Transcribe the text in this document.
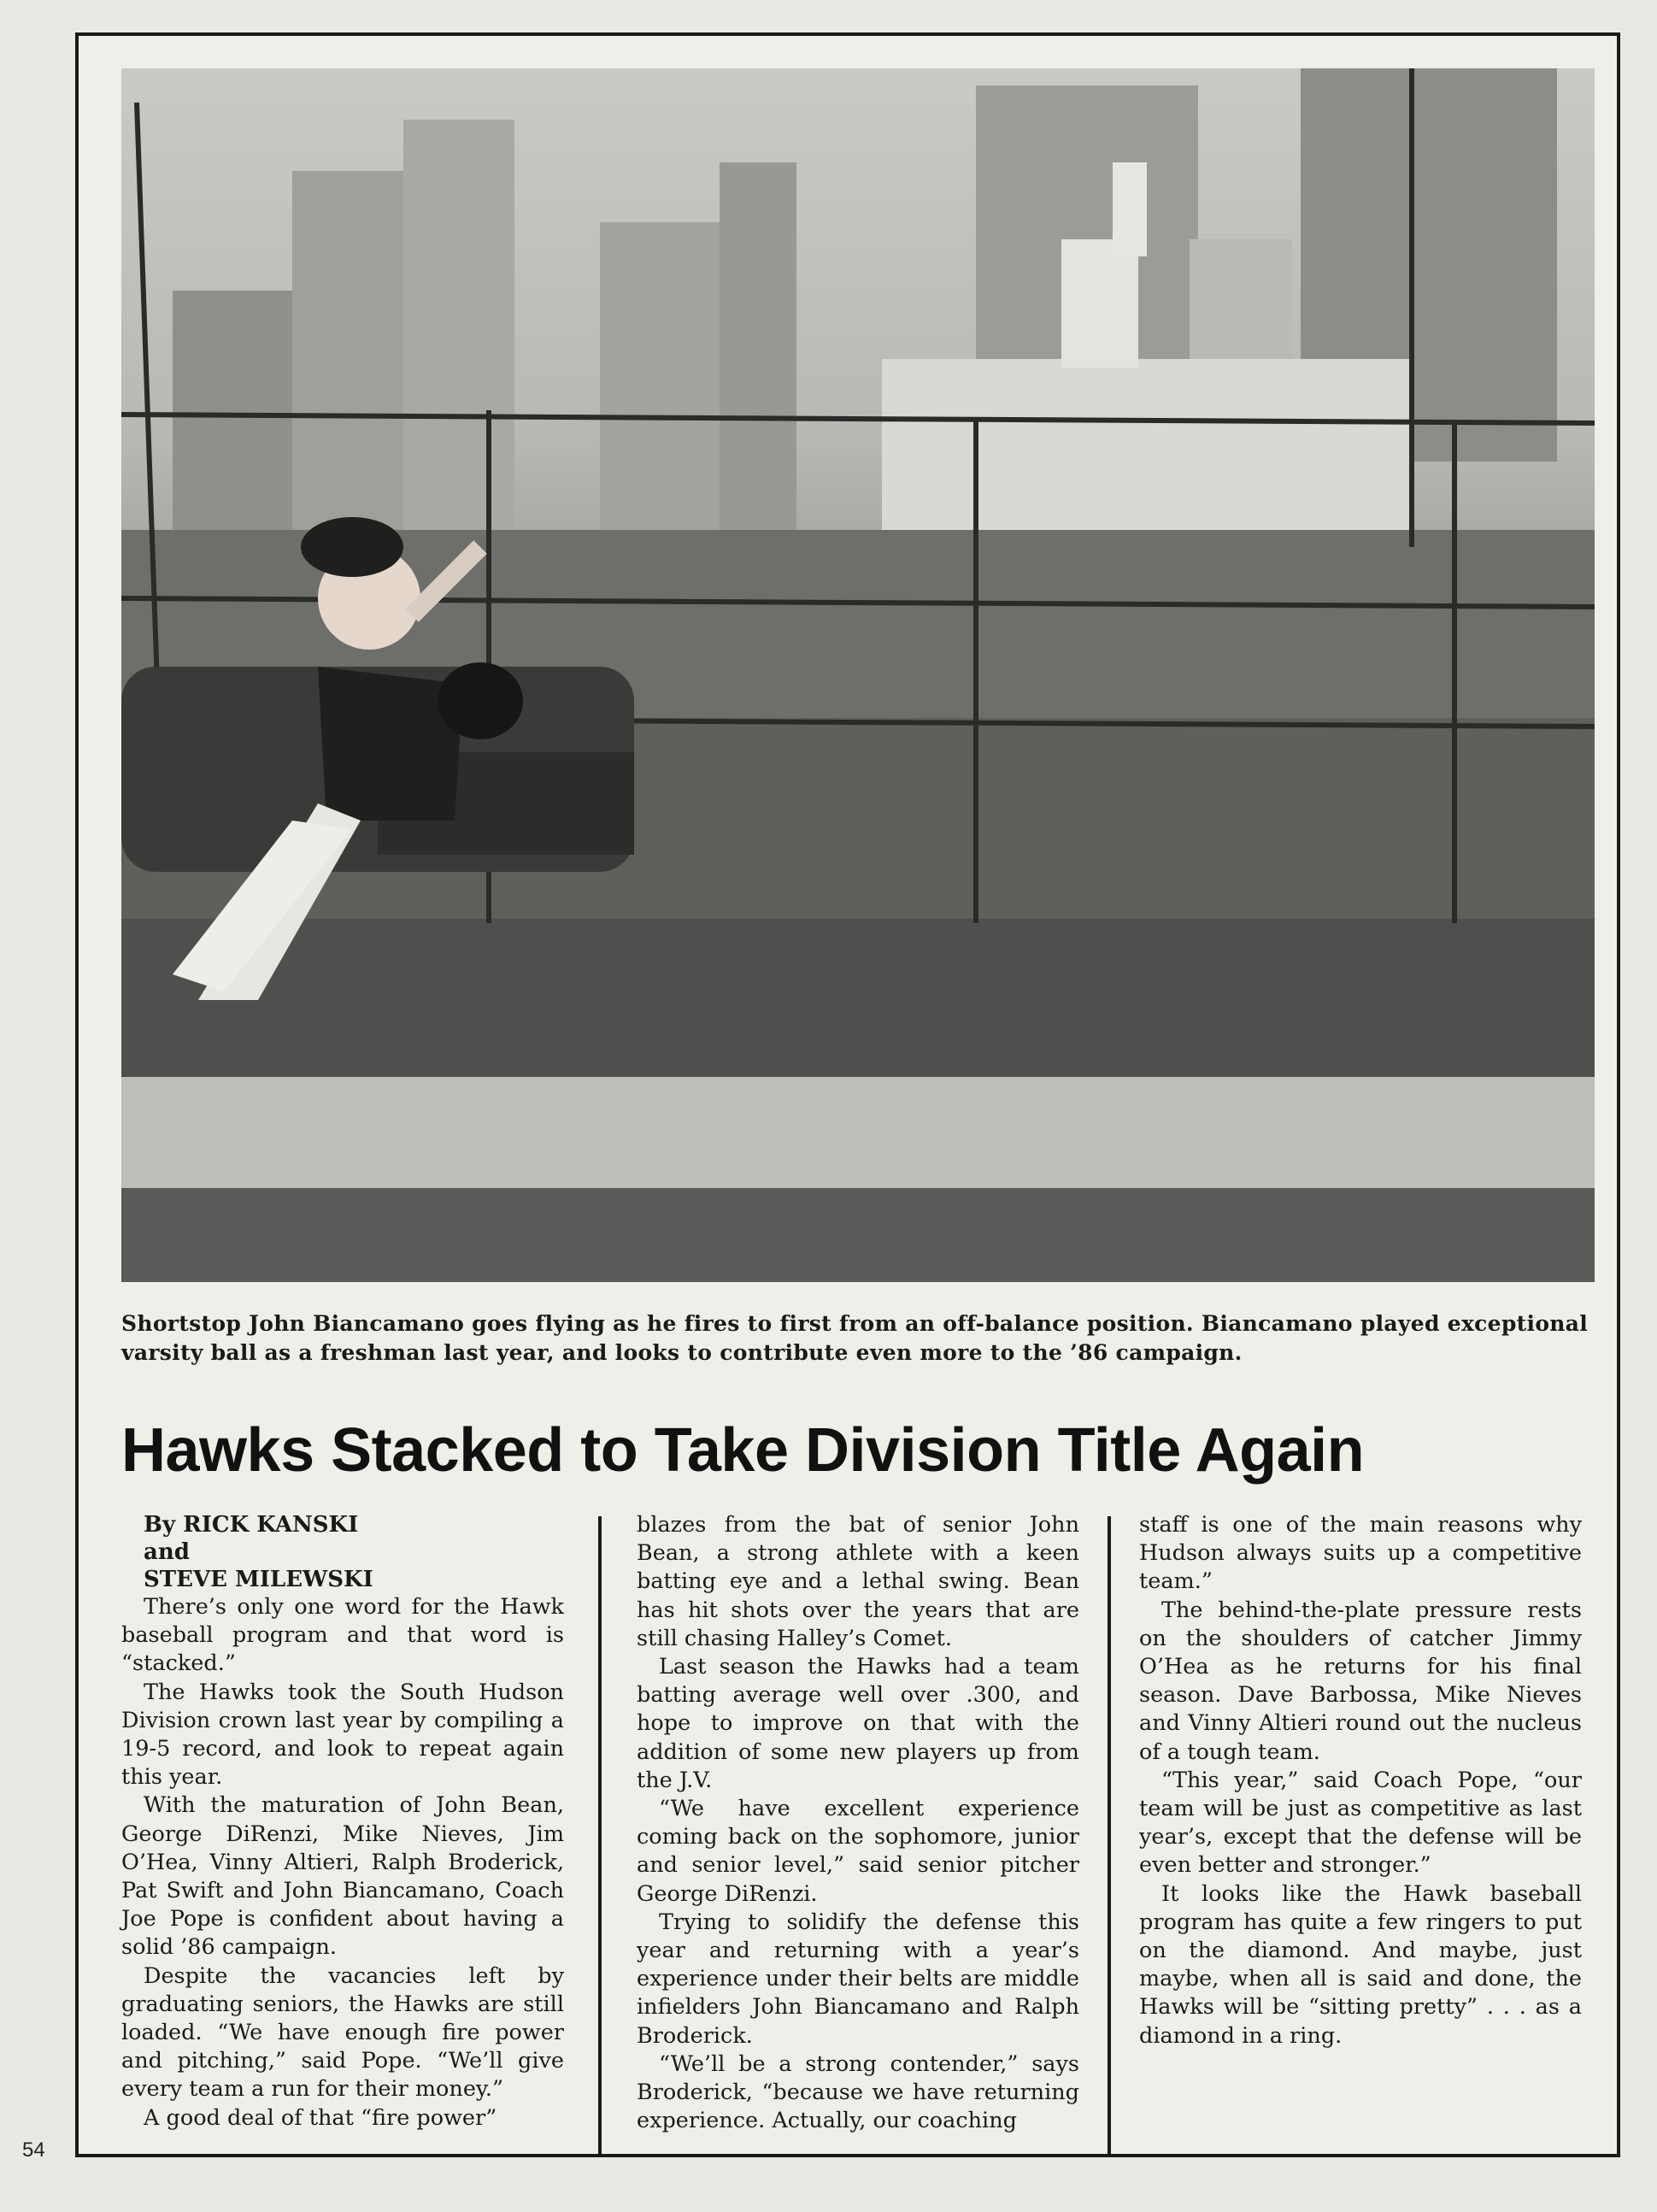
Shortstop John Biancamano goes flying as he fires to first from an off-balance position. Biancamano played exceptional varsity ball as a freshman last year, and looks to contribute even more to the ’86 campaign.
Hawks Stacked to Take Division Title Again

By RICK KANSKI

and

STEVE MILEWSKI

There’s only one word for the Hawk baseball program and that word is “stacked.”

The Hawks took the South Hudson Division crown last year by compiling a 19-5 record, and look to repeat again this year.

With the maturation of John Bean, George DiRenzi, Mike Nieves, Jim O’Hea, Vinny Altieri, Ralph Broderick, Pat Swift and John Biancamano, Coach Joe Pope is confident about having a solid ’86 campaign.

Despite the vacancies left by graduating seniors, the Hawks are still loaded. “We have enough fire power and pitching,” said Pope. “We’ll give every team a run for their money.”

A good deal of that “fire power”

blazes from the bat of senior John Bean, a strong athlete with a keen batting eye and a lethal swing. Bean has hit shots over the years that are still chasing Halley’s Comet.

Last season the Hawks had a team batting average well over .300, and hope to improve on that with the addition of some new players up from the J.V.

“We have excellent experience coming back on the sophomore, junior and senior level,” said senior pitcher George DiRenzi.

Trying to solidify the defense this year and returning with a year’s experience under their belts are middle infielders John Biancamano and Ralph Broderick.

“We’ll be a strong contender,” says Broderick, “because we have returning experience. Actually, our coaching

staff is one of the main reasons why Hudson always suits up a competitive team.”

The behind-the-plate pressure rests on the shoulders of catcher Jimmy O’Hea as he returns for his final season. Dave Barbossa, Mike Nieves and Vinny Altieri round out the nucleus of a tough team.

“This year,” said Coach Pope, “our team will be just as competitive as last year’s, except that the defense will be even better and stronger.”

It looks like the Hawk baseball program has quite a few ringers to put on the diamond. And maybe, just maybe, when all is said and done, the Hawks will be “sitting pretty” . . . as a diamond in a ring.

54
